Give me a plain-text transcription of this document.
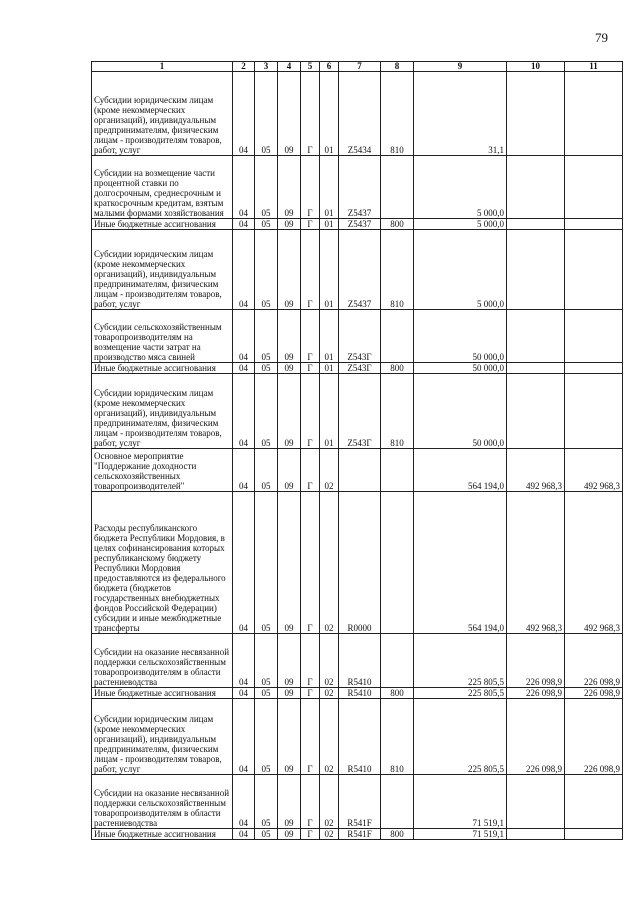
79
1	2	3	4	5	6	7	8	9	10	11
Субсидии юридическим лицам (кроме некоммерческих организаций), индивидуальным предпринимателям, физическим лицам - производителям товаров, работ, услуг	04	05	09	Г	01	Z5434	810	31,1		
Субсидии на возмещение части процентной ставки по долгосрочным, среднесрочным и краткосрочным кредитам, взятым малыми формами хозяйствования	04	05	09	Г	01	Z5437		5 000,0		
Иные бюджетные ассигнования	04	05	09	Г	01	Z5437	800	5 000,0		
Субсидии юридическим лицам (кроме некоммерческих организаций), индивидуальным предпринимателям, физическим лицам - производителям товаров, работ, услуг	04	05	09	Г	01	Z5437	810	5 000,0		
Субсидии сельскохозяйственным товаропроизводителям на возмещение части затрат на производство мяса свиней	04	05	09	Г	01	Z543Г		50 000,0		
Иные бюджетные ассигнования	04	05	09	Г	01	Z543Г	800	50 000,0		
Субсидии юридическим лицам (кроме некоммерческих организаций), индивидуальным предпринимателям, физическим лицам - производителям товаров, работ, услуг	04	05	09	Г	01	Z543Г	810	50 000,0		
Основное мероприятие "Поддержание доходности сельскохозяйственных товаропроизводителей"	04	05	09	Г	02			564 194,0	492 968,3	492 968,3
Расходы республиканского бюджета Республики Мордовия, в целях софинансирования которых республиканскому бюджету Республики Мордовия предоставляются из федерального бюджета (бюджетов государственных внебюджетных фондов Российской Федерации) субсидии и иные межбюджетные трансферты	04	05	09	Г	02	R0000		564 194,0	492 968,3	492 968,3
Субсидии на оказание несвязанной поддержки сельскохозяйственным товаропроизводителям в области растениеводства	04	05	09	Г	02	R5410		225 805,5	226 098,9	226 098,9
Иные бюджетные ассигнования	04	05	09	Г	02	R5410	800	225 805,5	226 098,9	226 098,9
Субсидии юридическим лицам (кроме некоммерческих организаций), индивидуальным предпринимателям, физическим лицам - производителям товаров, работ, услуг	04	05	09	Г	02	R5410	810	225 805,5	226 098,9	226 098,9
Субсидии на оказание несвязанной поддержки сельскохозяйственным товаропроизводителям в области растениеводства	04	05	09	Г	02	R541F		71 519,1		
Иные бюджетные ассигнования	04	05	09	Г	02	R541F	800	71 519,1		
